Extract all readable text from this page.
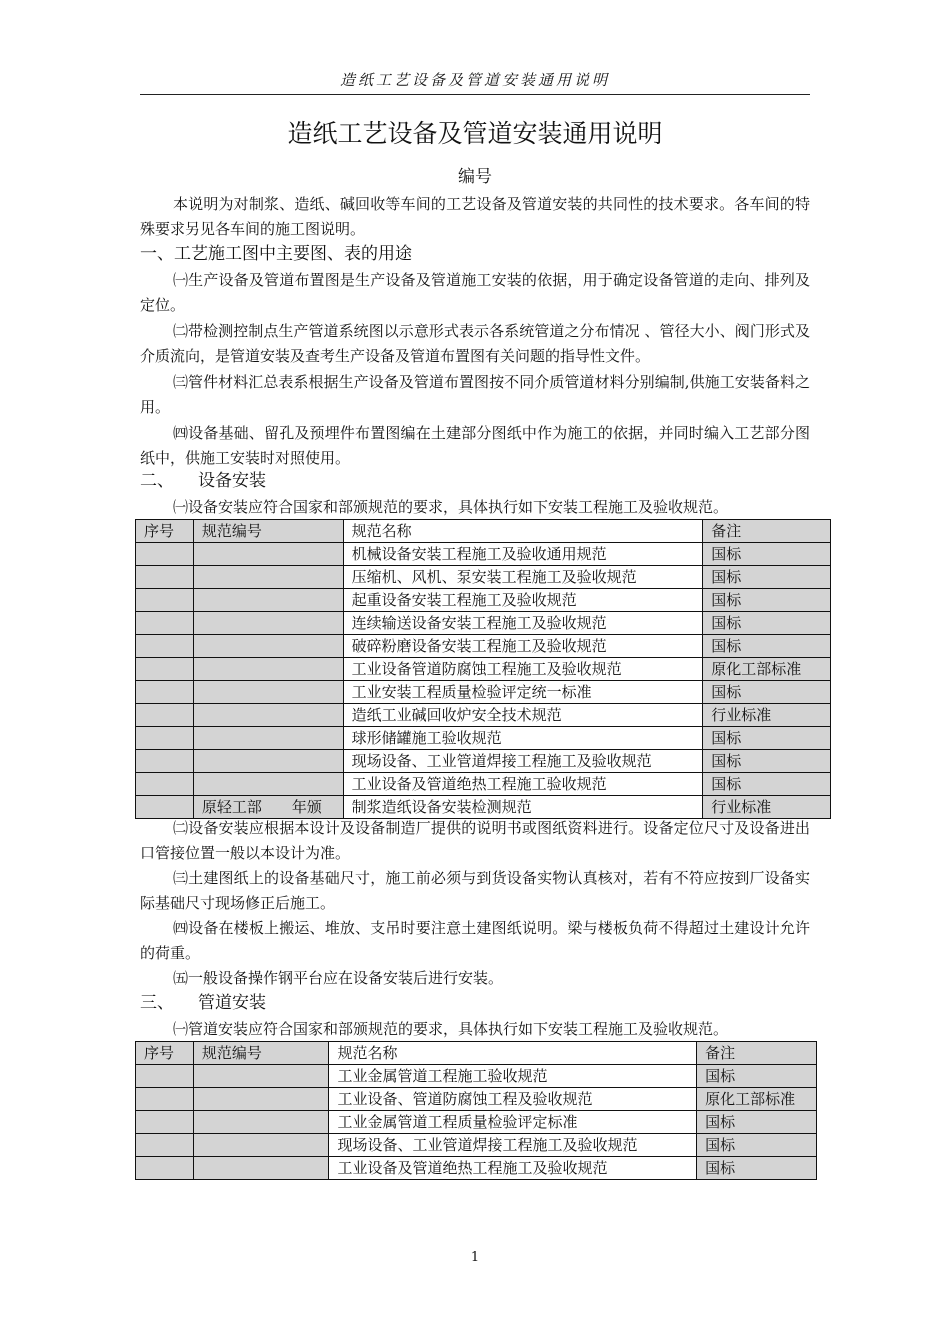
造纸工艺设备及管道安装通用说明
造纸工艺设备及管道安装通用说明
编号
本说明为对制浆、造纸、碱回收等车间的工艺设备及管道安装的共同性的技术要求。各车间的特殊要求另见各车间的施工图说明。
一、工艺施工图中主要图、表的用途
㈠生产设备及管道布置图是生产设备及管道施工安装的依据，用于确定设备管道的走向、排列及定位。
㈡带检测控制点生产管道系统图以示意形式表示各系统管道之分布情况 、管径大小、阀门形式及介质流向，是管道安装及查考生产设备及管道布置图有关问题的指导性文件。
㈢管件材料汇总表系根据生产设备及管道布置图按不同介质管道材料分别编制,供施工安装备料之用。
㈣设备基础、留孔及预埋件布置图编在土建部分图纸中作为施工的依据，并同时编入工艺部分图纸中，供施工安装时对照使用。
二、 设备安装
㈠设备安装应符合国家和部颁规范的要求，具体执行如下安装工程施工及验收规范。
序号	规范编号	规范名称	备注
		机械设备安装工程施工及验收通用规范	国标
		压缩机、风机、泵安装工程施工及验收规范	国标
		起重设备安装工程施工及验收规范	国标
		连续输送设备安装工程施工及验收规范	国标
		破碎粉磨设备安装工程施工及验收规范	国标
		工业设备管道防腐蚀工程施工及验收规范	原化工部标准
		工业安装工程质量检验评定统一标准	国标
		造纸工业碱回收炉安全技术规范	行业标准
		球形储罐施工验收规范	国标
		现场设备、工业管道焊接工程施工及验收规范	国标
		工业设备及管道绝热工程施工验收规范	国标
	原轻工部　　年颁	制浆造纸设备安装检测规范	行业标准
㈡设备安装应根据本设计及设备制造厂提供的说明书或图纸资料进行。设备定位尺寸及设备进出口管接位置一般以本设计为准。
㈢土建图纸上的设备基础尺寸，施工前必须与到货设备实物认真核对，若有不符应按到厂设备实际基础尺寸现场修正后施工。
㈣设备在楼板上搬运、堆放、支吊时要注意土建图纸说明。梁与楼板负荷不得超过土建设计允许的荷重。
㈤一般设备操作钢平台应在设备安装后进行安装。
三、 管道安装
㈠管道安装应符合国家和部颁规范的要求，具体执行如下安装工程施工及验收规范。
序号	规范编号	规范名称	备注
		工业金属管道工程施工验收规范	国标
		工业设备、管道防腐蚀工程及验收规范	原化工部标准
		工业金属管道工程质量检验评定标准	国标
		现场设备、工业管道焊接工程施工及验收规范	国标
		工业设备及管道绝热工程施工及验收规范	国标
1
